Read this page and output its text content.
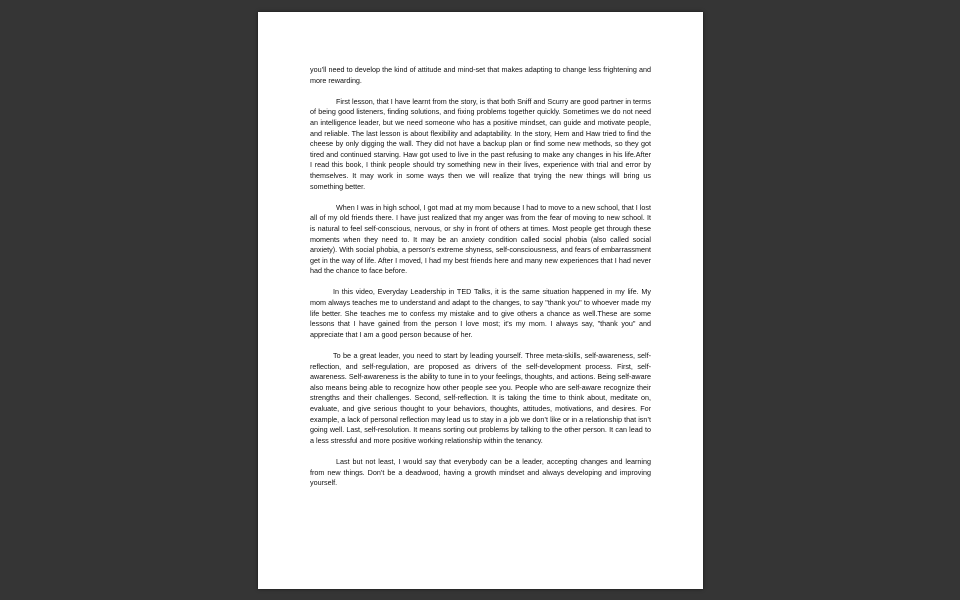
you’ll need to develop the kind of attitude and mind-set that makes adapting to change less frightening and more rewarding.

First lesson, that I have learnt from the story, is that both Sniff and Scurry are good partner in terms of being good listeners, finding solutions, and fixing problems together quickly. Sometimes we do not need an intelligence leader, but we need someone who has a positive mindset, can guide and motivate people, and reliable. The last lesson is about flexibility and adaptability. In the story, Hem and Haw tried to find the cheese by only digging the wall. They did not have a backup plan or find some new methods, so they got tired and continued starving. Haw got used to live in the past refusing to make any changes in his life.After I read this book, I think people should try something new in their lives, experience with trial and error by themselves. It may work in some ways then we will realize that trying the new things will bring us something better.

When I was in high school, I got mad at my mom because I had to move to a new school, that I lost all of my old friends there. I have just realized that my anger was from the fear of moving to new school. It is natural to feel self-conscious, nervous, or shy in front of others at times. Most people get through these moments when they need to. It may be an anxiety condition called social phobia (also called social anxiety). With social phobia, a person's extreme shyness, self-consciousness, and fears of embarrassment get in the way of life. After I moved, I had my best friends here and many new experiences that I had never had the chance to face before.

In this video, Everyday Leadership in TED Talks, it is the same situation happened in my life. My mom always teaches me to understand and adapt to the changes, to say "thank you" to whoever made my life better. She teaches me to confess my mistake and to give others a chance as well.These are some lessons that I have gained from the person I love most; it's my mom. I always say, "thank you" and appreciate that I am a good person because of her.

To be a great leader, you need to start by leading yourself. Three meta-skills, self-awareness, self-reflection, and self-regulation, are proposed as drivers of the self-development process. First, self-awareness. Self-awareness is the ability to tune in to your feelings, thoughts, and actions. Being self-aware also means being able to recognize how other people see you. People who are self-aware recognize their strengths and their challenges. Second, self-reflection. It is taking the time to think about, meditate on, evaluate, and give serious thought to your behaviors, thoughts, attitudes, motivations, and desires. For example, a lack of personal reflection may lead us to stay in a job we don’t like or in a relationship that isn’t going well. Last, self-resolution. It means sorting out problems by talking to the other person. It can lead to a less stressful and more positive working relationship within the tenancy.

Last but not least, I would say that everybody can be a leader, accepting changes and learning from new things. Don’t be a deadwood, having a growth mindset and always developing and improving yourself.
